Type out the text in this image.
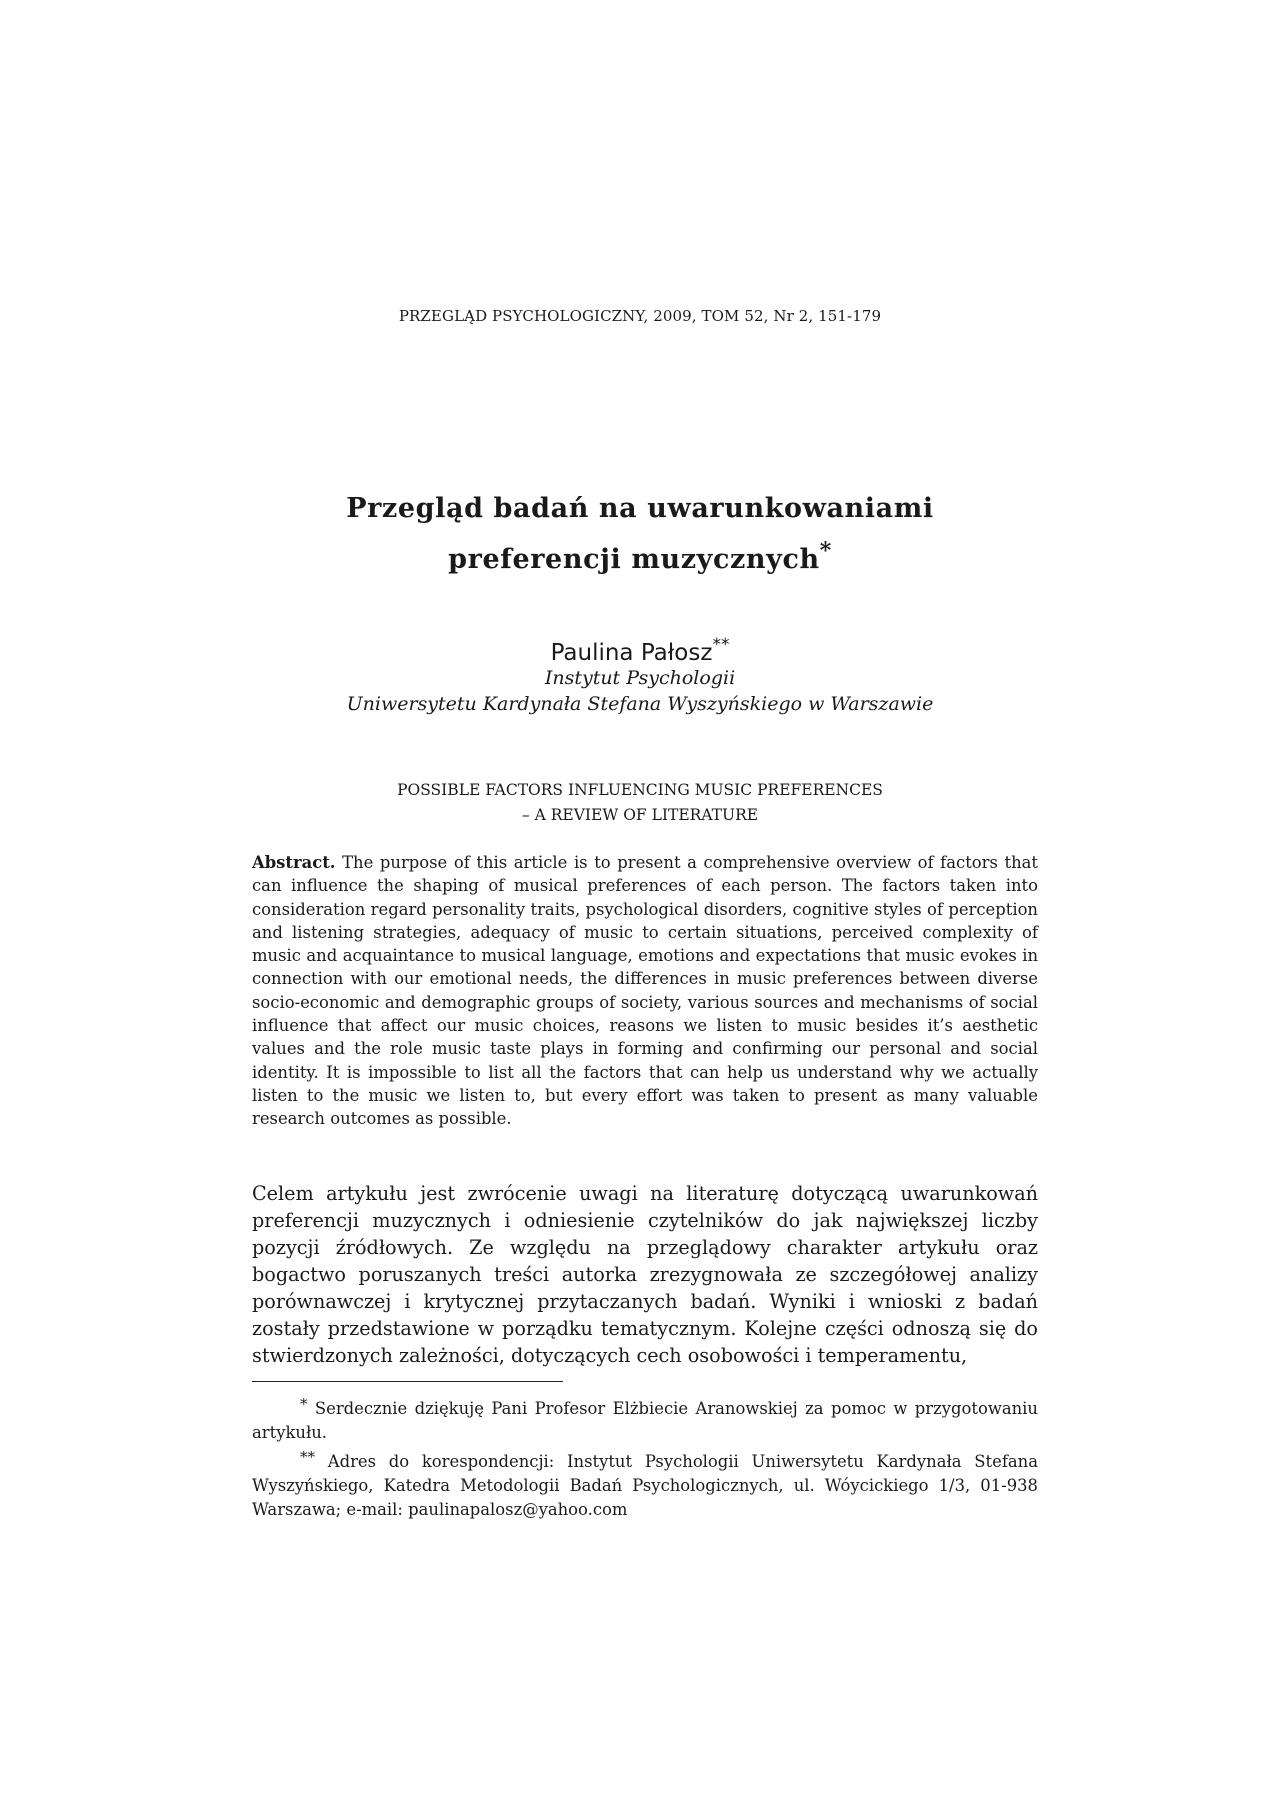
PRZEGLĄD PSYCHOLOGICZNY, 2009, TOM 52, Nr 2, 151-179
Przegląd badań na uwarunkowaniami
preferencji muzycznych*
Paulina Pałosz**
Instytut Psychologii
Uniwersytetu Kardynała Stefana Wyszyńskiego w Warszawie
POSSIBLE FACTORS INFLUENCING MUSIC PREFERENCES
– A REVIEW OF LITERATURE
Abstract. The purpose of this article is to present a comprehensive overview of factors that can influence the shaping of musical preferences of each person. The factors taken into consideration regard personality traits, psychological disorders, cognitive styles of perception and listening strategies, adequacy of music to certain situations, perceived complexity of music and acquaintance to musical language, emotions and expectations that music evokes in connection with our emotional needs, the differences in music preferences between diverse socio-economic and demographic groups of society, various sources and mechanisms of social influence that affect our music choices, reasons we listen to music besides it’s aesthetic values and the role music taste plays in forming and confirming our personal and social identity. It is impossible to list all the factors that can help us understand why we actually listen to the music we listen to, but every effort was taken to present as many valuable research outcomes as possible.
Celem artykułu jest zwrócenie uwagi na literaturę dotyczącą uwarunkowań preferencji muzycznych i odniesienie czytelników do jak największej liczby pozycji źródłowych. Ze względu na przeglądowy charakter artykułu oraz bogactwo poruszanych treści autorka zrezygnowała ze szczegółowej analizy porównawczej i krytycznej przytaczanych badań. Wyniki i wnioski z badań zostały przedstawione w porządku tematycznym. Kolejne części odnoszą się do stwierdzonych zależności, dotyczących cech osobowości i temperamentu,

* Serdecznie dziękuję Pani Profesor Elżbiecie Aranowskiej za pomoc w przygotowaniu artykułu.

** Adres do korespondencji: Instytut Psychologii Uniwersytetu Kardynała Stefana Wyszyńskiego, Katedra Metodologii Badań Psychologicznych, ul. Wóycickiego 1/3, 01-938 Warszawa; e-mail: paulinapalosz@yahoo.com
